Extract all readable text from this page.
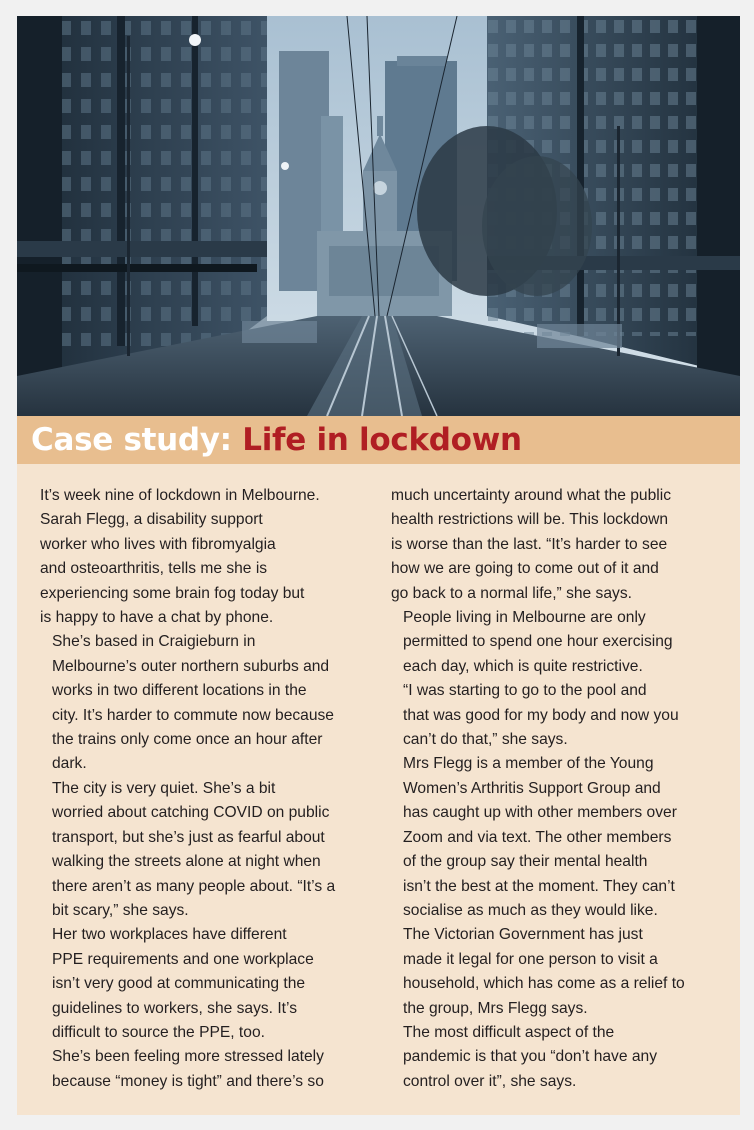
Case study: Life in lockdown

It’s week nine of lockdown in Melbourne.
Sarah Flegg, a disability support
worker who lives with fibromyalgia
and osteoarthritis, tells me she is
experiencing some brain fog today but
is happy to have a chat by phone.

She’s based in Craigieburn in
Melbourne’s outer northern suburbs and
works in two different locations in the
city. It’s harder to commute now because
the trains only come once an hour after
dark.

The city is very quiet. She’s a bit
worried about catching COVID on public
transport, but she’s just as fearful about
walking the streets alone at night when
there aren’t as many people about. “It’s a
bit scary,” she says.

Her two workplaces have different
PPE requirements and one workplace
isn’t very good at communicating the
guidelines to workers, she says. It’s
difficult to source the PPE, too.

She’s been feeling more stressed lately
because “money is tight” and there’s so

much uncertainty around what the public
health restrictions will be. This lockdown
is worse than the last. “It’s harder to see
how we are going to come out of it and
go back to a normal life,” she says.

People living in Melbourne are only
permitted to spend one hour exercising
each day, which is quite restrictive.

“I was starting to go to the pool and
that was good for my body and now you
can’t do that,” she says.

Mrs Flegg is a member of the Young
Women’s Arthritis Support Group and
has caught up with other members over
Zoom and via text. The other members
of the group say their mental health
isn’t the best at the moment. They can’t
socialise as much as they would like.

The Victorian Government has just
made it legal for one person to visit a
household, which has come as a relief to
the group, Mrs Flegg says.

The most difficult aspect of the
pandemic is that you “don’t have any
control over it”, she says.
